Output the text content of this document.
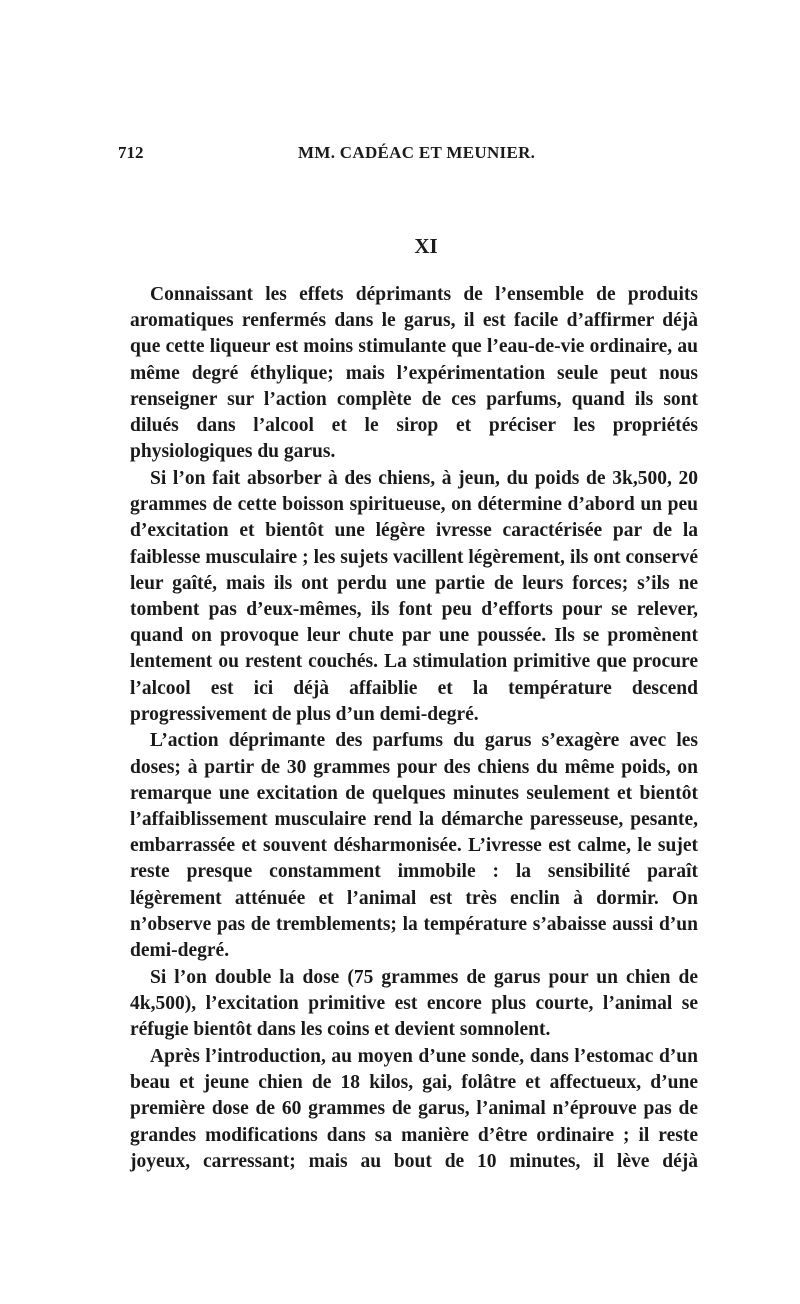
712	MM. CADÉAC ET MEUNIER.
XI

Connaissant les effets déprimants de l’ensemble de produits aromatiques renfermés dans le garus, il est facile d’affirmer déjà que cette liqueur est moins stimulante que l’eau-de-vie ordinaire, au même degré éthylique; mais l’expérimentation seule peut nous renseigner sur l’action complète de ces parfums, quand ils sont dilués dans l’alcool et le sirop et préciser les propriétés physiologiques du garus.

Si l’on fait absorber à des chiens, à jeun, du poids de 3k,500, 20 grammes de cette boisson spiritueuse, on détermine d’abord un peu d’excitation et bientôt une légère ivresse caractérisée par de la faiblesse musculaire ; les sujets vacillent légèrement, ils ont conservé leur gaîté, mais ils ont perdu une partie de leurs forces; s’ils ne tombent pas d’eux-mêmes, ils font peu d’efforts pour se relever, quand on provoque leur chute par une poussée. Ils se promènent lentement ou restent couchés. La stimulation primitive que procure l’alcool est ici déjà affaiblie et la température descend progressivement de plus d’un demi-degré.

L’action déprimante des parfums du garus s’exagère avec les doses; à partir de 30 grammes pour des chiens du même poids, on remarque une excitation de quelques minutes seulement et bientôt l’affaiblissement musculaire rend la démarche paresseuse, pesante, embarrassée et souvent désharmonisée. L’ivresse est calme, le sujet reste presque constamment immobile : la sensibilité paraît légèrement atténuée et l’animal est très enclin à dormir. On n’observe pas de tremblements; la température s’abaisse aussi d’un demi-degré.

Si l’on double la dose (75 grammes de garus pour un chien de 4k,500), l’excitation primitive est encore plus courte, l’animal se réfugie bientôt dans les coins et devient somnolent.

Après l’introduction, au moyen d’une sonde, dans l’estomac d’un beau et jeune chien de 18 kilos, gai, folâtre et affectueux, d’une première dose de 60 grammes de garus, l’animal n’éprouve pas de grandes modifications dans sa manière d’être ordinaire ; il reste joyeux, carressant; mais au bout de 10 minutes, il lève déjà
